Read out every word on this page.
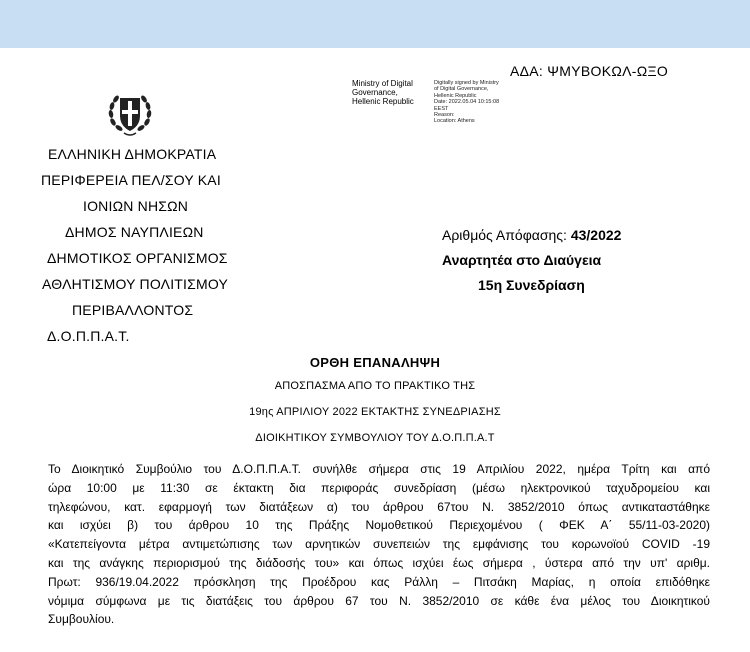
ΑΔΑ: ΨΜΥΒΟΚΩΛ-ΩΞΟ
Ministry of Digital
Governance,
Hellenic Republic
Digitally signed by Ministry
of Digital Governance,
Hellenic Republic
Date: 2022.05.04 10:15:08
EEST
Reason:
Location: Athens
ΕΛΛΗΝΙΚΗ ΔΗΜΟΚΡΑΤΙΑ
ΠΕΡΙΦΕΡΕΙΑ ΠΕΛ/ΣΟΥ ΚΑΙ
ΙΟΝΙΩΝ ΝΗΣΩΝ
ΔΗΜΟΣ ΝΑΥΠΛΙΕΩΝ
ΔΗΜΟΤΙΚΟΣ ΟΡΓΑΝΙΣΜΟΣ
ΑΘΛΗΤΙΣΜΟΥ ΠΟΛΙΤΙΣΜΟΥ
ΠΕΡΙΒΑΛΛΟΝΤΟΣ
Δ.Ο.Π.Π.Α.Τ.
Αριθμός Απόφασης: 43/2022
Αναρτητέα στο Διαύγεια
15η Συνεδρίαση
ΟΡΘΗ ΕΠΑΝΑΛΗΨΗ
ΑΠΟΣΠΑΣΜΑ ΑΠΟ ΤΟ ΠΡΑΚΤΙΚΟ ΤΗΣ
19ης ΑΠΡΙΛΙΟΥ 2022 ΕΚΤΑΚΤΗΣ ΣΥΝΕΔΡΙΑΣΗΣ
ΔΙΟΙΚΗΤΙΚΟΥ ΣΥΜΒΟΥΛΙΟΥ ΤΟΥ Δ.Ο.Π.Π.Α.Τ
Το Διοικητικό Συμβούλιο του Δ.Ο.Π.Π.Α.Τ. συνήλθε σήμερα στις 19 Απριλίου 2022, ημέρα Τρίτη και από
ώρα 10:00 με 11:30 σε έκτακτη δια περιφοράς συνεδρίαση (μέσω ηλεκτρονικού ταχυδρομείου και
τηλεφώνου, κατ. εφαρμογή των διατάξεων α) του άρθρου 67του Ν. 3852/2010 όπως αντικαταστάθηκε
και ισχύει β) του άρθρου 10 της Πράξης Νομοθετικού Περιεχομένου ( ΦΕΚ Α΄ 55/11-03-2020)
«Κατεπείγοντα μέτρα αντιμετώπισης των αρνητικών συνεπειών της εμφάνισης του κορωνοϊού COVID -19
και της ανάγκης περιορισμού της διάδοσής του» και όπως ισχύει έως σήμερα , ύστερα από την υπ' αριθμ.
Πρωτ: 936/19.04.2022 πρόσκληση της Προέδρου κας Ράλλη – Πιτσάκη Μαρίας, η οποία επιδόθηκε
νόμιμα σύμφωνα με τις διατάξεις του άρθρου 67 του Ν. 3852/2010 σε κάθε ένα μέλος του Διοικητικού
Συμβουλίου.
